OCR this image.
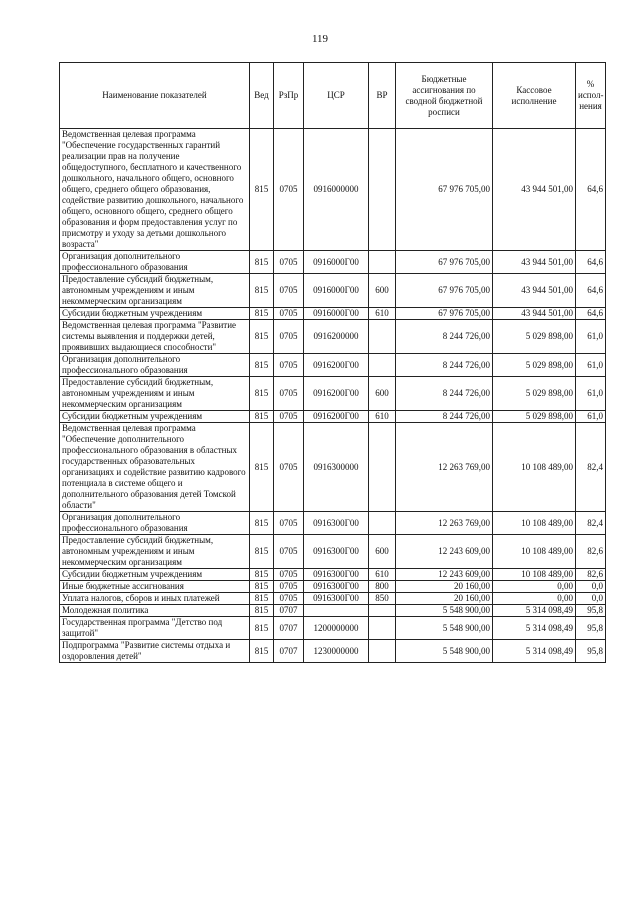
119
Наименование показателей	Вед	РзПр	ЦСР	ВР	Бюджетные ассигнования по сводной бюджетной росписи	Кассовое исполнение	% испол-нения
Ведомственная целевая программа "Обеспечение государственных гарантий реализации прав на получение общедоступного, бесплатного и качественного дошкольного, начального общего, основного общего, среднего общего образования, содействие развитию дошкольного, начального общего, основного общего, среднего общего образования и форм предоставления услуг по присмотру и уходу за детьми дошкольного возраста"	815	0705	0916000000		67 976 705,00	43 944 501,00	64,6
Организация дополнительного профессионального образования	815	0705	0916000Г00		67 976 705,00	43 944 501,00	64,6
Предоставление субсидий бюджетным, автономным учреждениям и иным некоммерческим организациям	815	0705	0916000Г00	600	67 976 705,00	43 944 501,00	64,6
Субсидии бюджетным учреждениям	815	0705	0916000Г00	610	67 976 705,00	43 944 501,00	64,6
Ведомственная целевая программа "Развитие системы выявления и поддержки детей, проявивших выдающиеся способности"	815	0705	0916200000		8 244 726,00	5 029 898,00	61,0
Организация дополнительного профессионального образования	815	0705	0916200Г00		8 244 726,00	5 029 898,00	61,0
Предоставление субсидий бюджетным, автономным учреждениям и иным некоммерческим организациям	815	0705	0916200Г00	600	8 244 726,00	5 029 898,00	61,0
Субсидии бюджетным учреждениям	815	0705	0916200Г00	610	8 244 726,00	5 029 898,00	61,0
Ведомственная целевая программа "Обеспечение дополнительного профессионального образования в областных государственных образовательных организациях и содействие развитию кадрового потенциала в системе общего и дополнительного образования детей Томской области"	815	0705	0916300000		12 263 769,00	10 108 489,00	82,4
Организация дополнительного профессионального образования	815	0705	0916300Г00		12 263 769,00	10 108 489,00	82,4
Предоставление субсидий бюджетным, автономным учреждениям и иным некоммерческим организациям	815	0705	0916300Г00	600	12 243 609,00	10 108 489,00	82,6
Субсидии бюджетным учреждениям	815	0705	0916300Г00	610	12 243 609,00	10 108 489,00	82,6
Иные бюджетные ассигнования	815	0705	0916300Г00	800	20 160,00	0,00	0,0
Уплата налогов, сборов и иных платежей	815	0705	0916300Г00	850	20 160,00	0,00	0,0
Молодежная политика	815	0707			5 548 900,00	5 314 098,49	95,8
Государственная программа "Детство под защитой"	815	0707	1200000000		5 548 900,00	5 314 098,49	95,8
Подпрограмма "Развитие системы отдыха и оздоровления детей"	815	0707	1230000000		5 548 900,00	5 314 098,49	95,8
